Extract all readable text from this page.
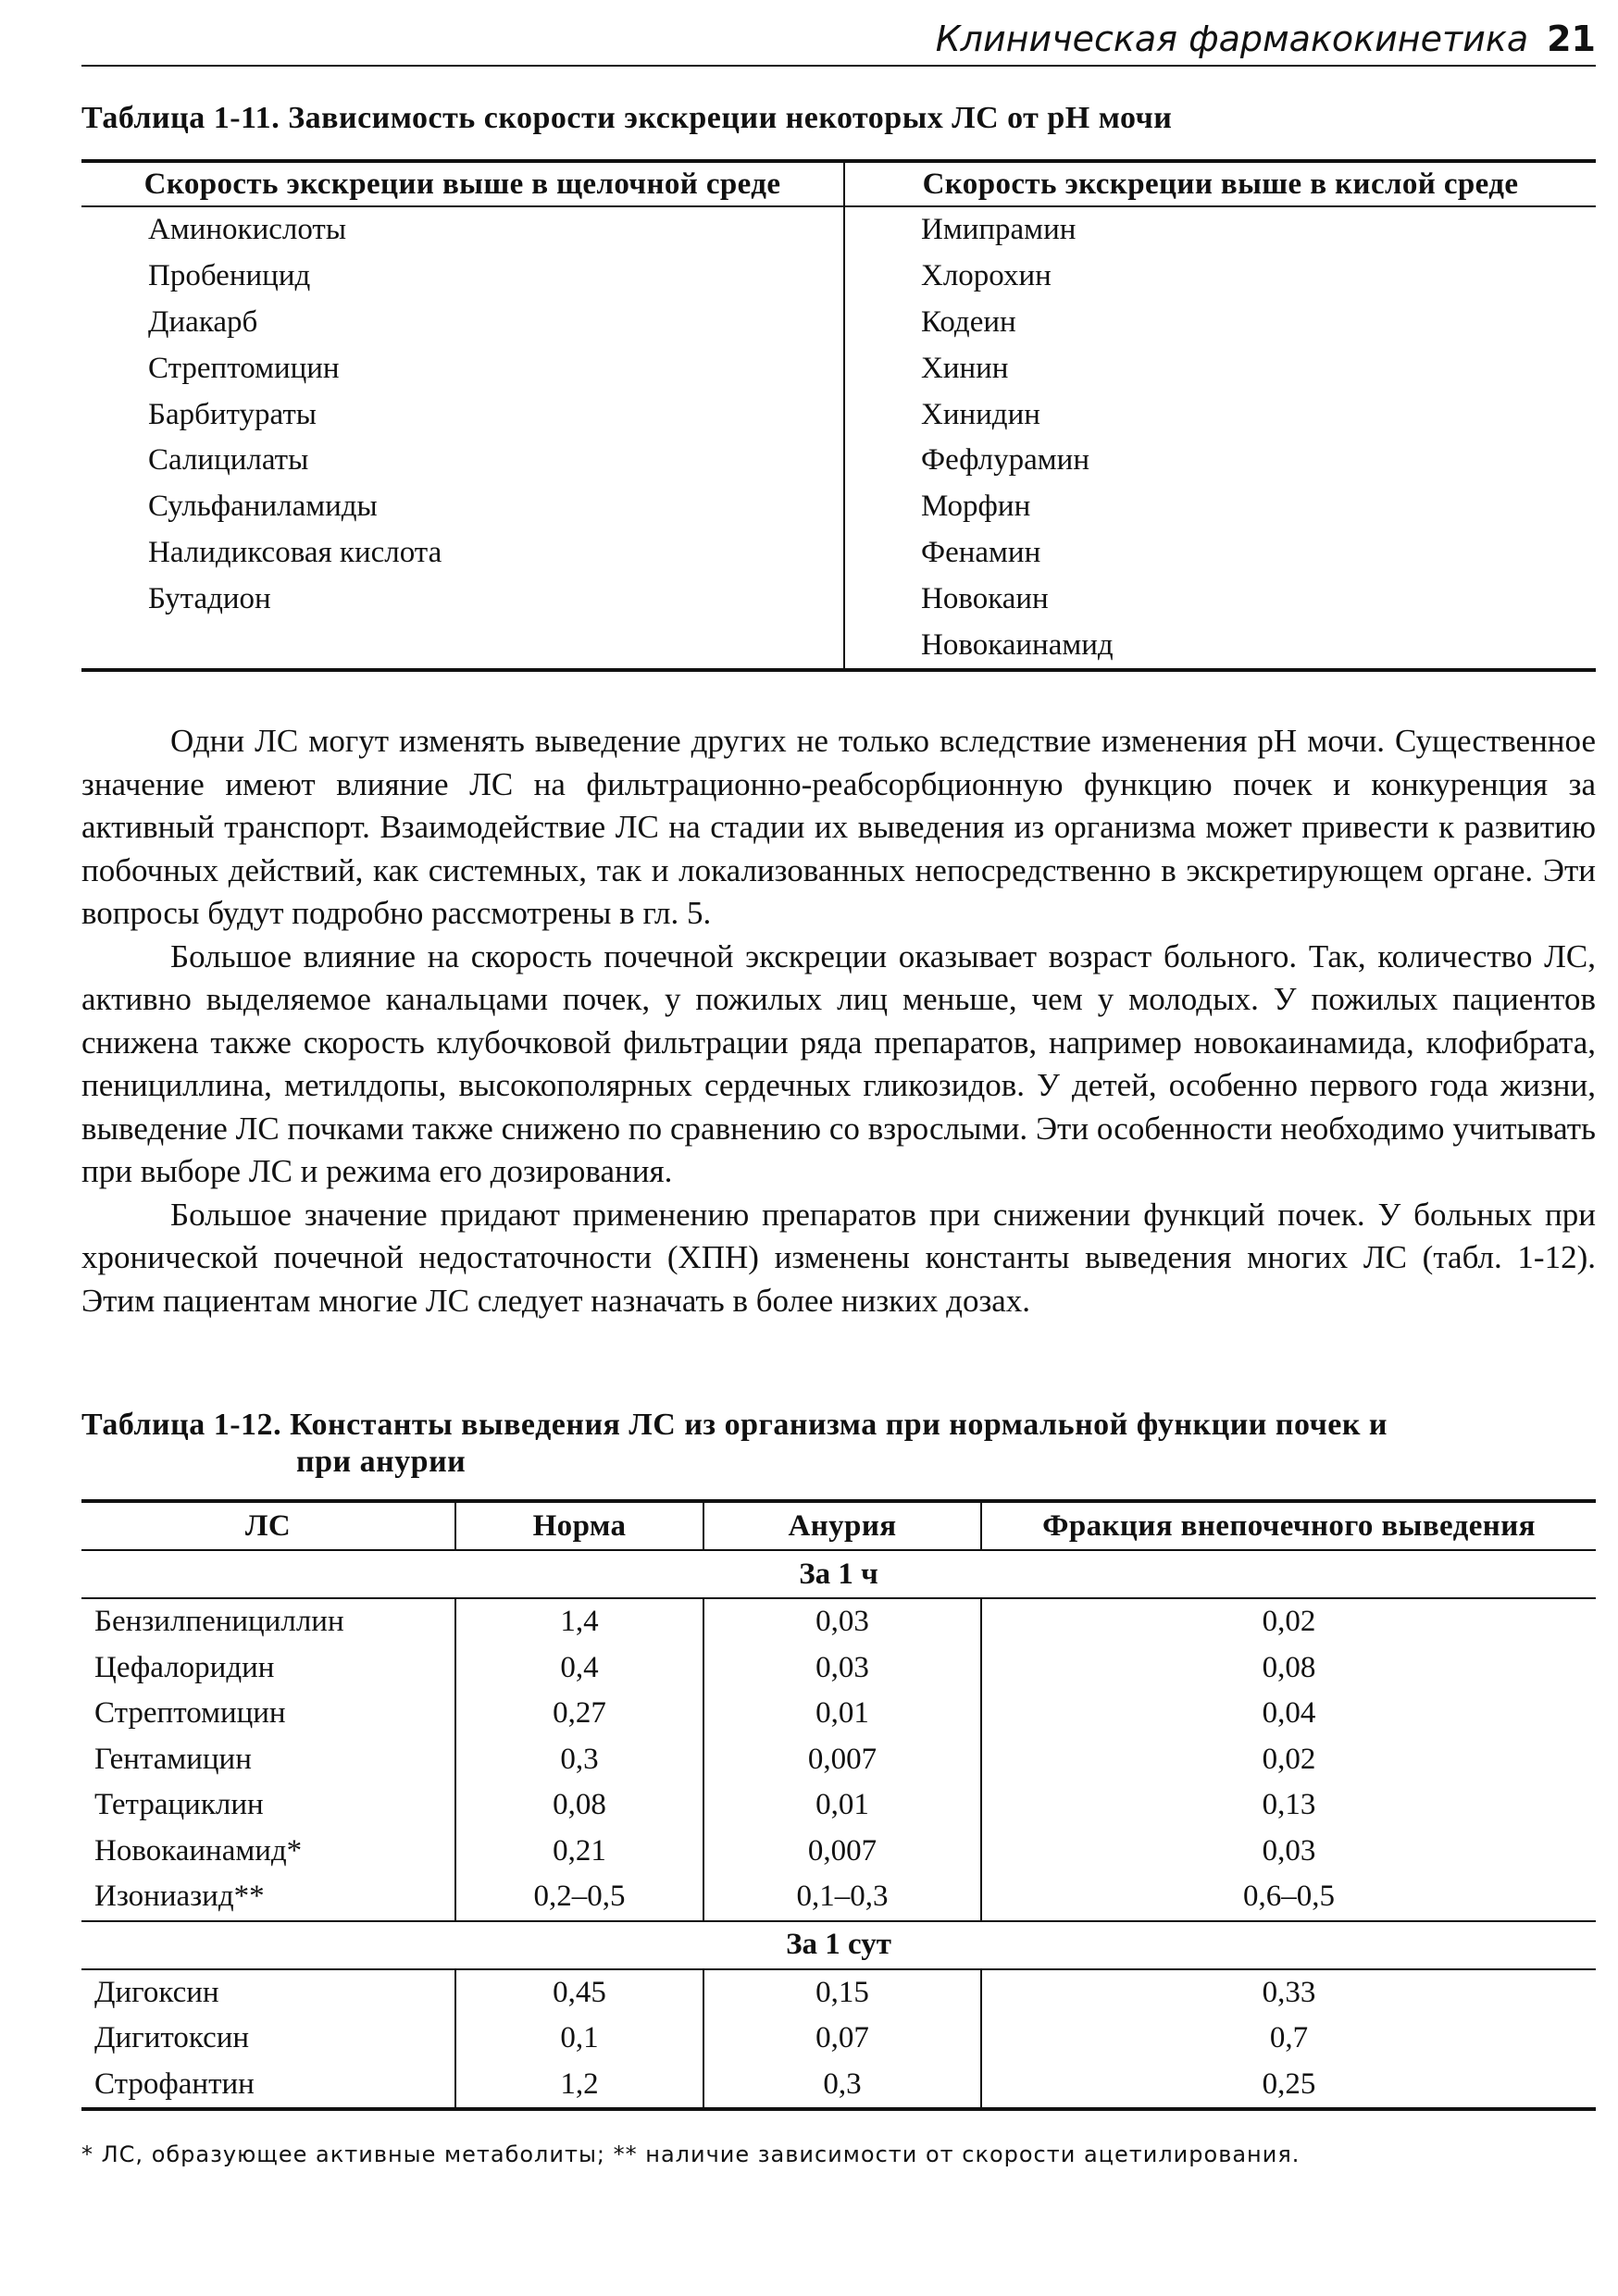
Клиническая фармакокинетика 21
Таблица 1-11. Зависимость скорости экскреции некоторых ЛС от pH мочи
Скорость экскреции выше в щелочной среде	Скорость экскреции выше в кислой среде
Аминокислоты	Имипрамин
Пробеницид	Хлорохин
Диакарб	Кодеин
Стрептомицин	Хинин
Барбитураты	Хинидин
Салицилаты	Фефлурамин
Сульфаниламиды	Морфин
Налидиксовая кислота	Фенамин
Бутадион	Новокаин
	Новокаинамид

Одни ЛС могут изменять выведение других не только вследствие изменения pH мочи. Существенное значение имеют влияние ЛС на фильтрационно-реабсорбционную функцию почек и конкуренция за активный транспорт. Взаимодействие ЛС на стадии их выведения из организма может привести к развитию побочных действий, как системных, так и локализованных непосредственно в экскретирующем органе. Эти вопросы будут подробно рассмотрены в гл. 5.

Большое влияние на скорость почечной экскреции оказывает возраст больного. Так, количество ЛС, активно выделяемое канальцами почек, у пожилых лиц меньше, чем у молодых. У пожилых пациентов снижена также скорость клубочковой фильтрации ряда препаратов, например новокаинамида, клофибрата, пенициллина, метилдопы, высокополярных сердечных гликозидов. У детей, особенно первого года жизни, выведение ЛС почками также снижено по сравнению со взрослыми. Эти особенности необходимо учитывать при выборе ЛС и режима его дозирования.

Большое значение придают применению препаратов при снижении функций почек. У больных при хронической почечной недостаточности (ХПН) изменены константы выведения многих ЛС (табл. 1-12). Этим пациентам многие ЛС следует назначать в более низких дозах.

Таблица 1-12. Константы выведения ЛС из организма при нормальной функции почек и
при анурии
ЛС	Норма	Анурия	Фракция внепочечного выведения
За 1 ч			
Бензилпенициллин	1,4	0,03	0,02
Цефалоридин	0,4	0,03	0,08
Стрептомицин	0,27	0,01	0,04
Гентамицин	0,3	0,007	0,02
Тетрациклин	0,08	0,01	0,13
Новокаинамид*	0,21	0,007	0,03
Изониазид**	0,2–0,5	0,1–0,3	0,6–0,5
За 1 сут			
Дигоксин	0,45	0,15	0,33
Дигитоксин	0,1	0,07	0,7
Строфантин	1,2	0,3	0,25
* ЛС, образующее активные метаболиты; ** наличие зависимости от скорости ацетилирования.
